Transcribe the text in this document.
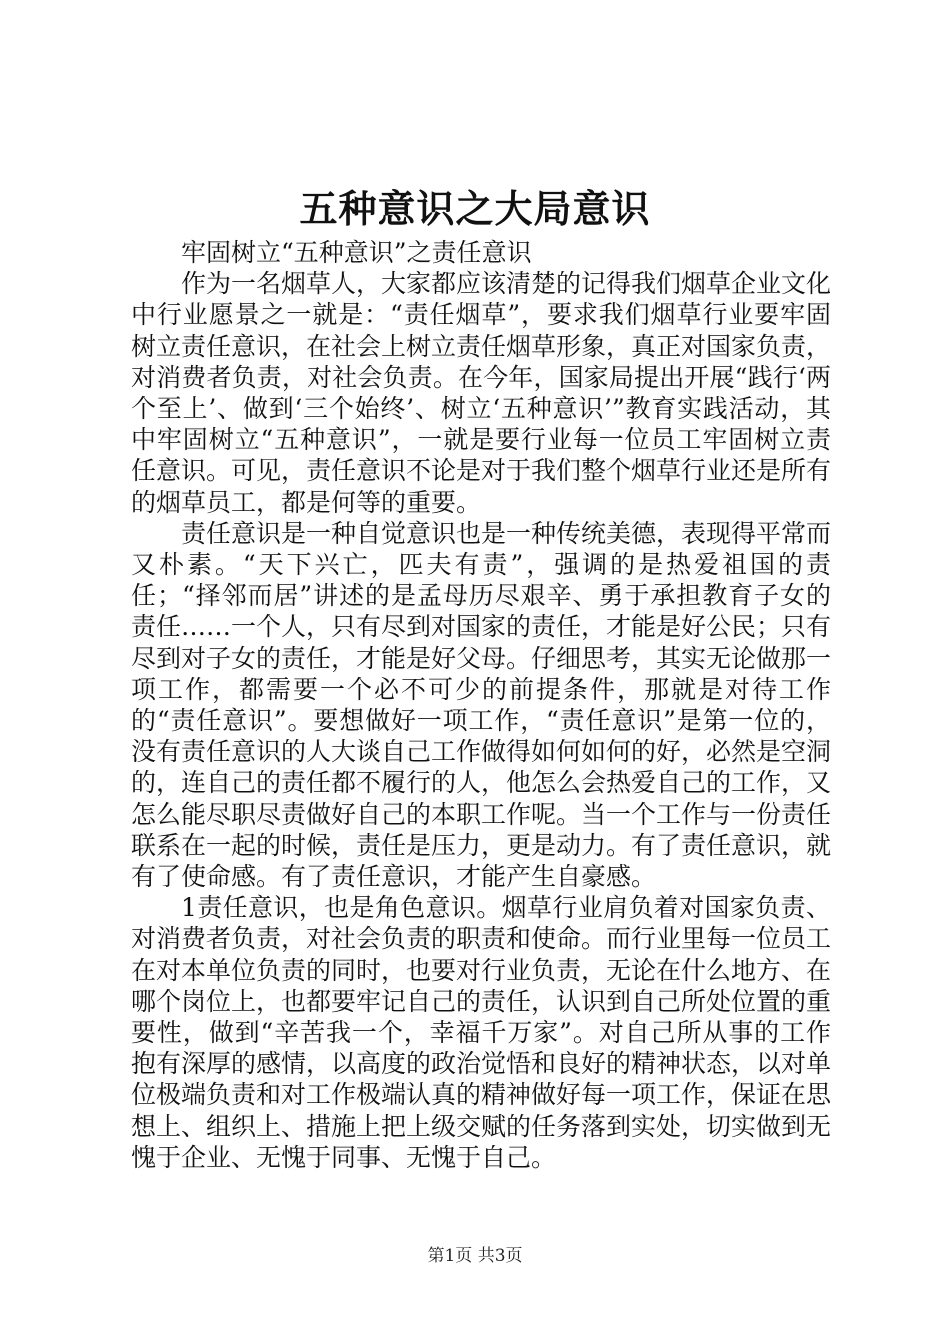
五种意识之大局意识

牢固树立“五种意识”之责任意识

作为一名烟草人，大家都应该清楚的记得我们烟草企业文化中行业愿景之一就是：“责任烟草”，要求我们烟草行业要牢固树立责任意识，在社会上树立责任烟草形象，真正对国家负责，对消费者负责，对社会负责。在今年，国家局提出开展“践行‘两个至上’、做到‘三个始终’、树立‘五种意识’”教育实践活动，其中牢固树立“五种意识”，一就是要行业每一位员工牢固树立责任意识。可见，责任意识不论是对于我们整个烟草行业还是所有的烟草员工，都是何等的重要。

责任意识是一种自觉意识也是一种传统美德，表现得平常而又朴素。“天下兴亡，匹夫有责”，强调的是热爱祖国的责任；“择邻而居”讲述的是孟母历尽艰辛、勇于承担教育子女的责任……一个人，只有尽到对国家的责任，才能是好公民；只有尽到对子女的责任，才能是好父母。仔细思考，其实无论做那一项工作，都需要一个必不可少的前提条件，那就是对待工作的“责任意识”。要想做好一项工作，“责任意识”是第一位的，没有责任意识的人大谈自己工作做得如何如何的好，必然是空洞的，连自己的责任都不履行的人，他怎么会热爱自己的工作，又怎么能尽职尽责做好自己的本职工作呢。当一个工作与一份责任联系在一起的时候，责任是压力，更是动力。有了责任意识，就有了使命感。有了责任意识，才能产生自豪感。

1责任意识，也是角色意识。烟草行业肩负着对国家负责、对消费者负责，对社会负责的职责和使命。而行业里每一位员工在对本单位负责的同时，也要对行业负责，无论在什么地方、在哪个岗位上，也都要牢记自己的责任，认识到自己所处位置的重要性，做到“辛苦我一个，幸福千万家”。对自己所从事的工作抱有深厚的感情，以高度的政治觉悟和良好的精神状态，以对单位极端负责和对工作极端认真的精神做好每一项工作，保证在思想上、组织上、措施上把上级交赋的任务落到实处，切实做到无愧于企业、无愧于同事、无愧于自己。

第1页 共3页
